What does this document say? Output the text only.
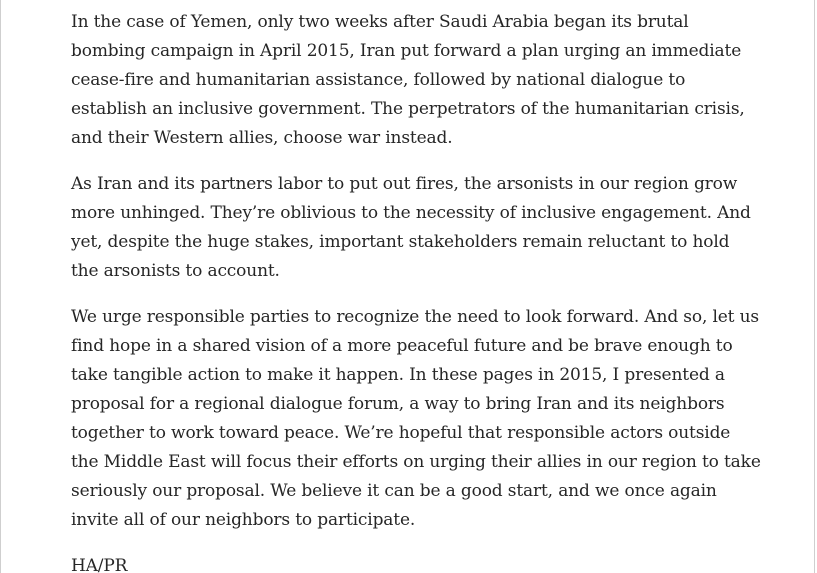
In the case of Yemen, only two weeks after Saudi Arabia began its brutal bombing campaign in April 2015, Iran put forward a plan urging an immediate cease-fire and humanitarian assistance, followed by national dialogue to establish an inclusive government. The perpetrators of the humanitarian crisis, and their Western allies, choose war instead.

As Iran and its partners labor to put out fires, the arsonists in our region grow more unhinged. They’re oblivious to the necessity of inclusive engagement. And yet, despite the huge stakes, important stakeholders remain reluctant to hold the arsonists to account.

We urge responsible parties to recognize the need to look forward. And so, let us find hope in a shared vision of a more peaceful future and be brave enough to take tangible action to make it happen. In these pages in 2015, I presented a proposal for a regional dialogue forum, a way to bring Iran and its neighbors together to work toward peace. We’re hopeful that responsible actors outside the Middle East will focus their efforts on urging their allies in our region to take seriously our proposal. We believe it can be a good start, and we once again invite all of our neighbors to participate.

HA/PR
